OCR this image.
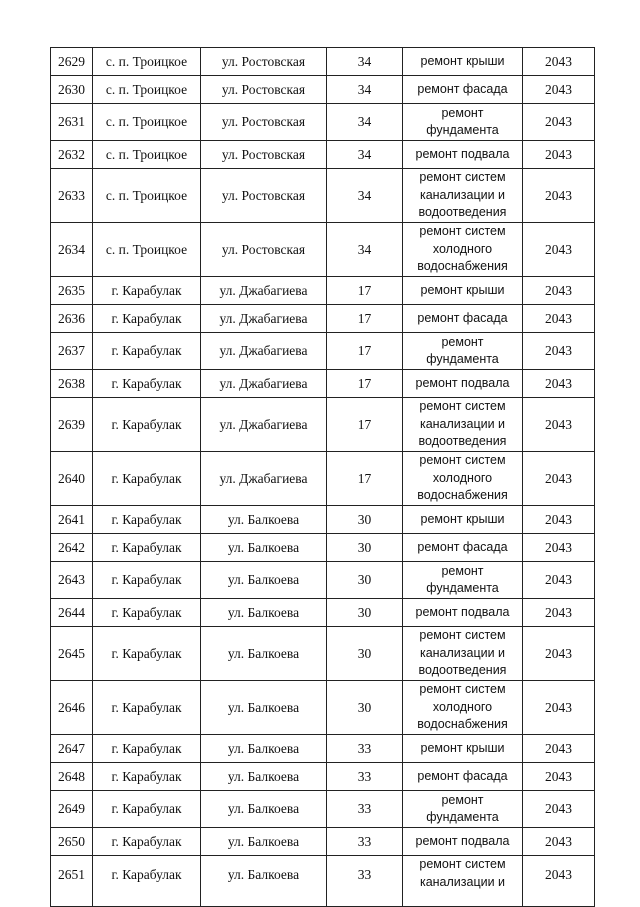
2629	с. п. Троицкое	ул. Ростовская	34	ремонт крыши	2043
2630	с. п. Троицкое	ул. Ростовская	34	ремонт фасада	2043
2631	с. п. Троицкое	ул. Ростовская	34	ремонт фундамента	2043
2632	с. п. Троицкое	ул. Ростовская	34	ремонт подвала	2043
2633	с. п. Троицкое	ул. Ростовская	34	ремонт систем канализации и водоотведения	2043
2634	с. п. Троицкое	ул. Ростовская	34	ремонт систем холодного водоснабжения	2043
2635	г. Карабулак	ул. Джабагиева	17	ремонт крыши	2043
2636	г. Карабулак	ул. Джабагиева	17	ремонт фасада	2043
2637	г. Карабулак	ул. Джабагиева	17	ремонт фундамента	2043
2638	г. Карабулак	ул. Джабагиева	17	ремонт подвала	2043
2639	г. Карабулак	ул. Джабагиева	17	ремонт систем канализации и водоотведения	2043
2640	г. Карабулак	ул. Джабагиева	17	ремонт систем холодного водоснабжения	2043
2641	г. Карабулак	ул. Балкоева	30	ремонт крыши	2043
2642	г. Карабулак	ул. Балкоева	30	ремонт фасада	2043
2643	г. Карабулак	ул. Балкоева	30	ремонт фундамента	2043
2644	г. Карабулак	ул. Балкоева	30	ремонт подвала	2043
2645	г. Карабулак	ул. Балкоева	30	ремонт систем канализации и водоотведения	2043
2646	г. Карабулак	ул. Балкоева	30	ремонт систем холодного водоснабжения	2043
2647	г. Карабулак	ул. Балкоева	33	ремонт крыши	2043
2648	г. Карабулак	ул. Балкоева	33	ремонт фасада	2043
2649	г. Карабулак	ул. Балкоева	33	ремонт фундамента	2043
2650	г. Карабулак	ул. Балкоева	33	ремонт подвала	2043
2651	г. Карабулак	ул. Балкоева	33	ремонт систем канализации и	2043
